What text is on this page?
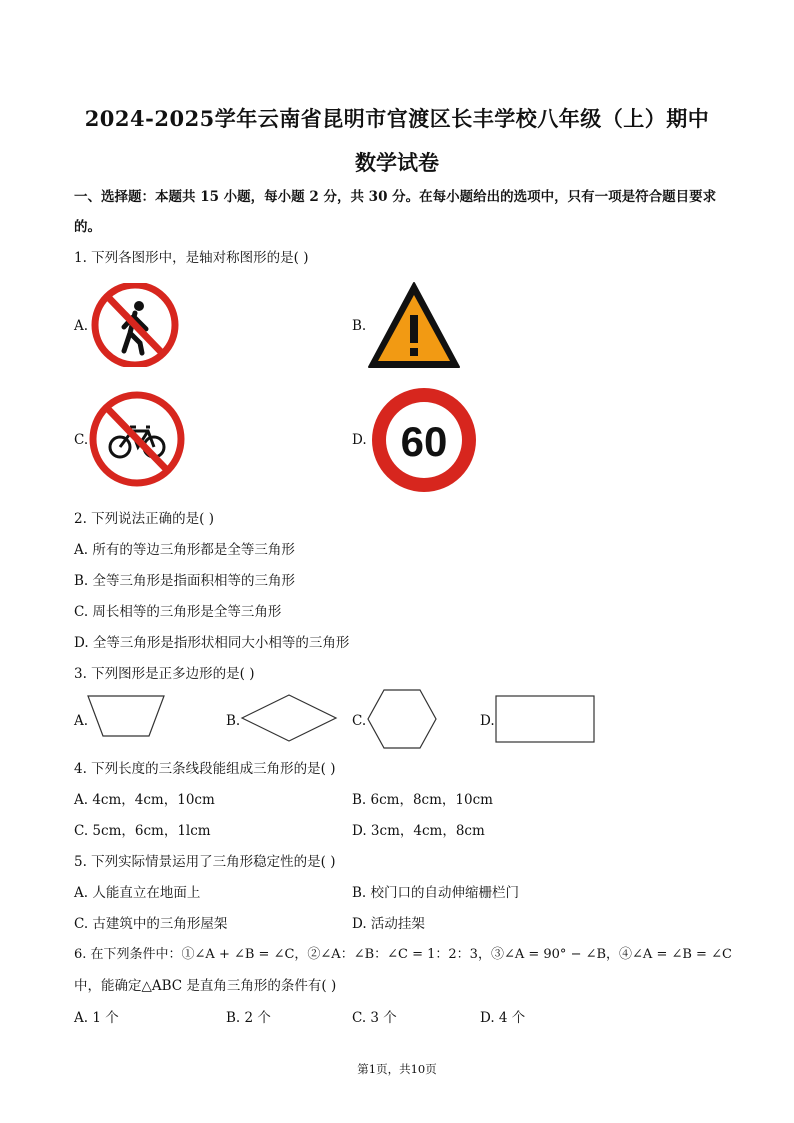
2024-2025学年云南省昆明市官渡区长丰学校八年级（上）期中
数学试卷
一、选择题：本题共 15 小题，每小题 2 分，共 30 分。在每小题给出的选项中，只有一项是符合题目要求
的。
1. 下列各图形中，是轴对称图形的是( )
A.	B.
C.	D. 60
2. 下列说法正确的是( )
A. 所有的等边三角形都是全等三角形
B. 全等三角形是指面积相等的三角形
C. 周长相等的三角形是全等三角形
D. 全等三角形是指形状相同大小相等的三角形
3. 下列图形是正多边形的是( )
A.	B.	C.	D.
4. 下列长度的三条线段能组成三角形的是( )
A. 4cm，4cm，10cm	B. 6cm，8cm，10cm
C. 5cm，6cm，1lcm	D. 3cm，4cm，8cm
5. 下列实际情景运用了三角形稳定性的是( )
A. 人能直立在地面上	B. 校门口的自动伸缩栅栏门
C. 古建筑中的三角形屋架	D. 活动挂架
6. 在下列条件中：①∠A + ∠B = ∠C，②∠A：∠B：∠C = 1：2：3，③∠A = 90° − ∠B，④∠A = ∠B = ∠C
中，能确定△ABC 是直角三角形的条件有( )
A. 1 个	B. 2 个	C. 3 个	D. 4 个
第1页，共10页
